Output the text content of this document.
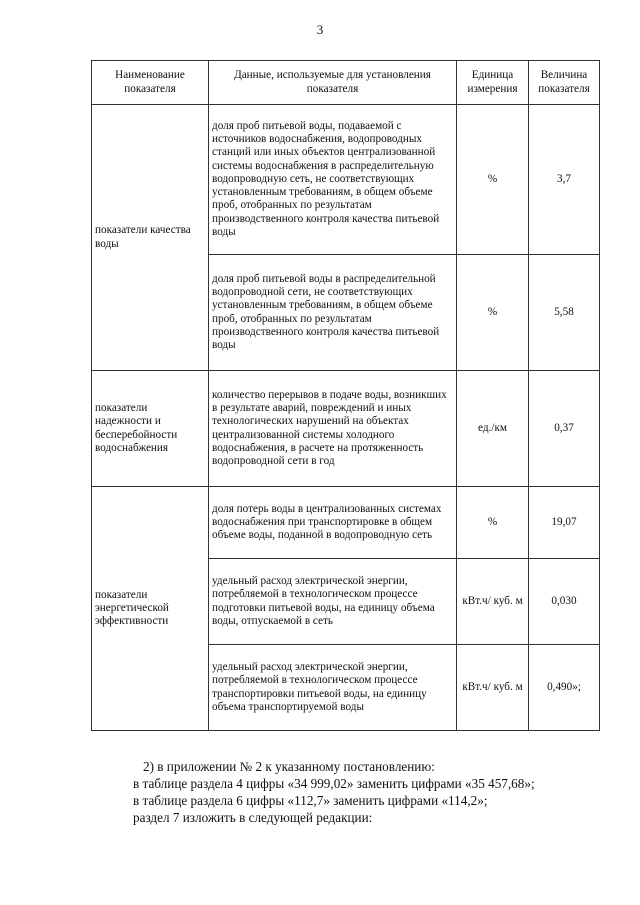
3
Наименование показателя	Данные, используемые для установления показателя	Единица измерения	Величина показателя
показатели качества воды	доля проб питьевой воды, подаваемой с источников водоснабжения, водопроводных станций или иных объектов централизованной системы водоснабжения в распределительную водопроводную сеть, не соответствующих установленным требованиям, в общем объеме проб, отобранных по результатам производственного контроля качества питьевой воды	%	3,7
	доля проб питьевой воды в распределительной водопроводной сети, не соответствующих установленным требованиям, в общем объеме проб, отобранных по результатам производственного контроля качества питьевой воды	%	5,58
показатели надежности и бесперебойности водоснабжения	количество перерывов в подаче воды, возникших в результате аварий, повреждений и иных технологических нарушений на объектах централизованной системы холодного водоснабжения, в расчете на протяженность водопроводной сети в год	ед./км	0,37
показатели энергетической эффективности	доля потерь воды в централизованных системах водоснабжения при транспортировке в общем объеме воды, поданной в водопроводную сеть	%	19,07
	удельный расход электрической энергии, потребляемой в технологическом процессе подготовки питьевой воды, на единицу объема воды, отпускаемой в сеть	кВт.ч/ куб. м	0,030
	удельный расход электрической энергии, потребляемой в технологическом процессе транспортировки питьевой воды, на единицу объема транспортируемой воды	кВт.ч/ куб. м	0,490»;
2) в приложении № 2 к указанному постановлению:
в таблице раздела 4 цифры «34 999,02» заменить цифрами «35 457,68»;
в таблице раздела 6 цифры «112,7» заменить цифрами «114,2»;
раздел 7 изложить в следующей редакции:
